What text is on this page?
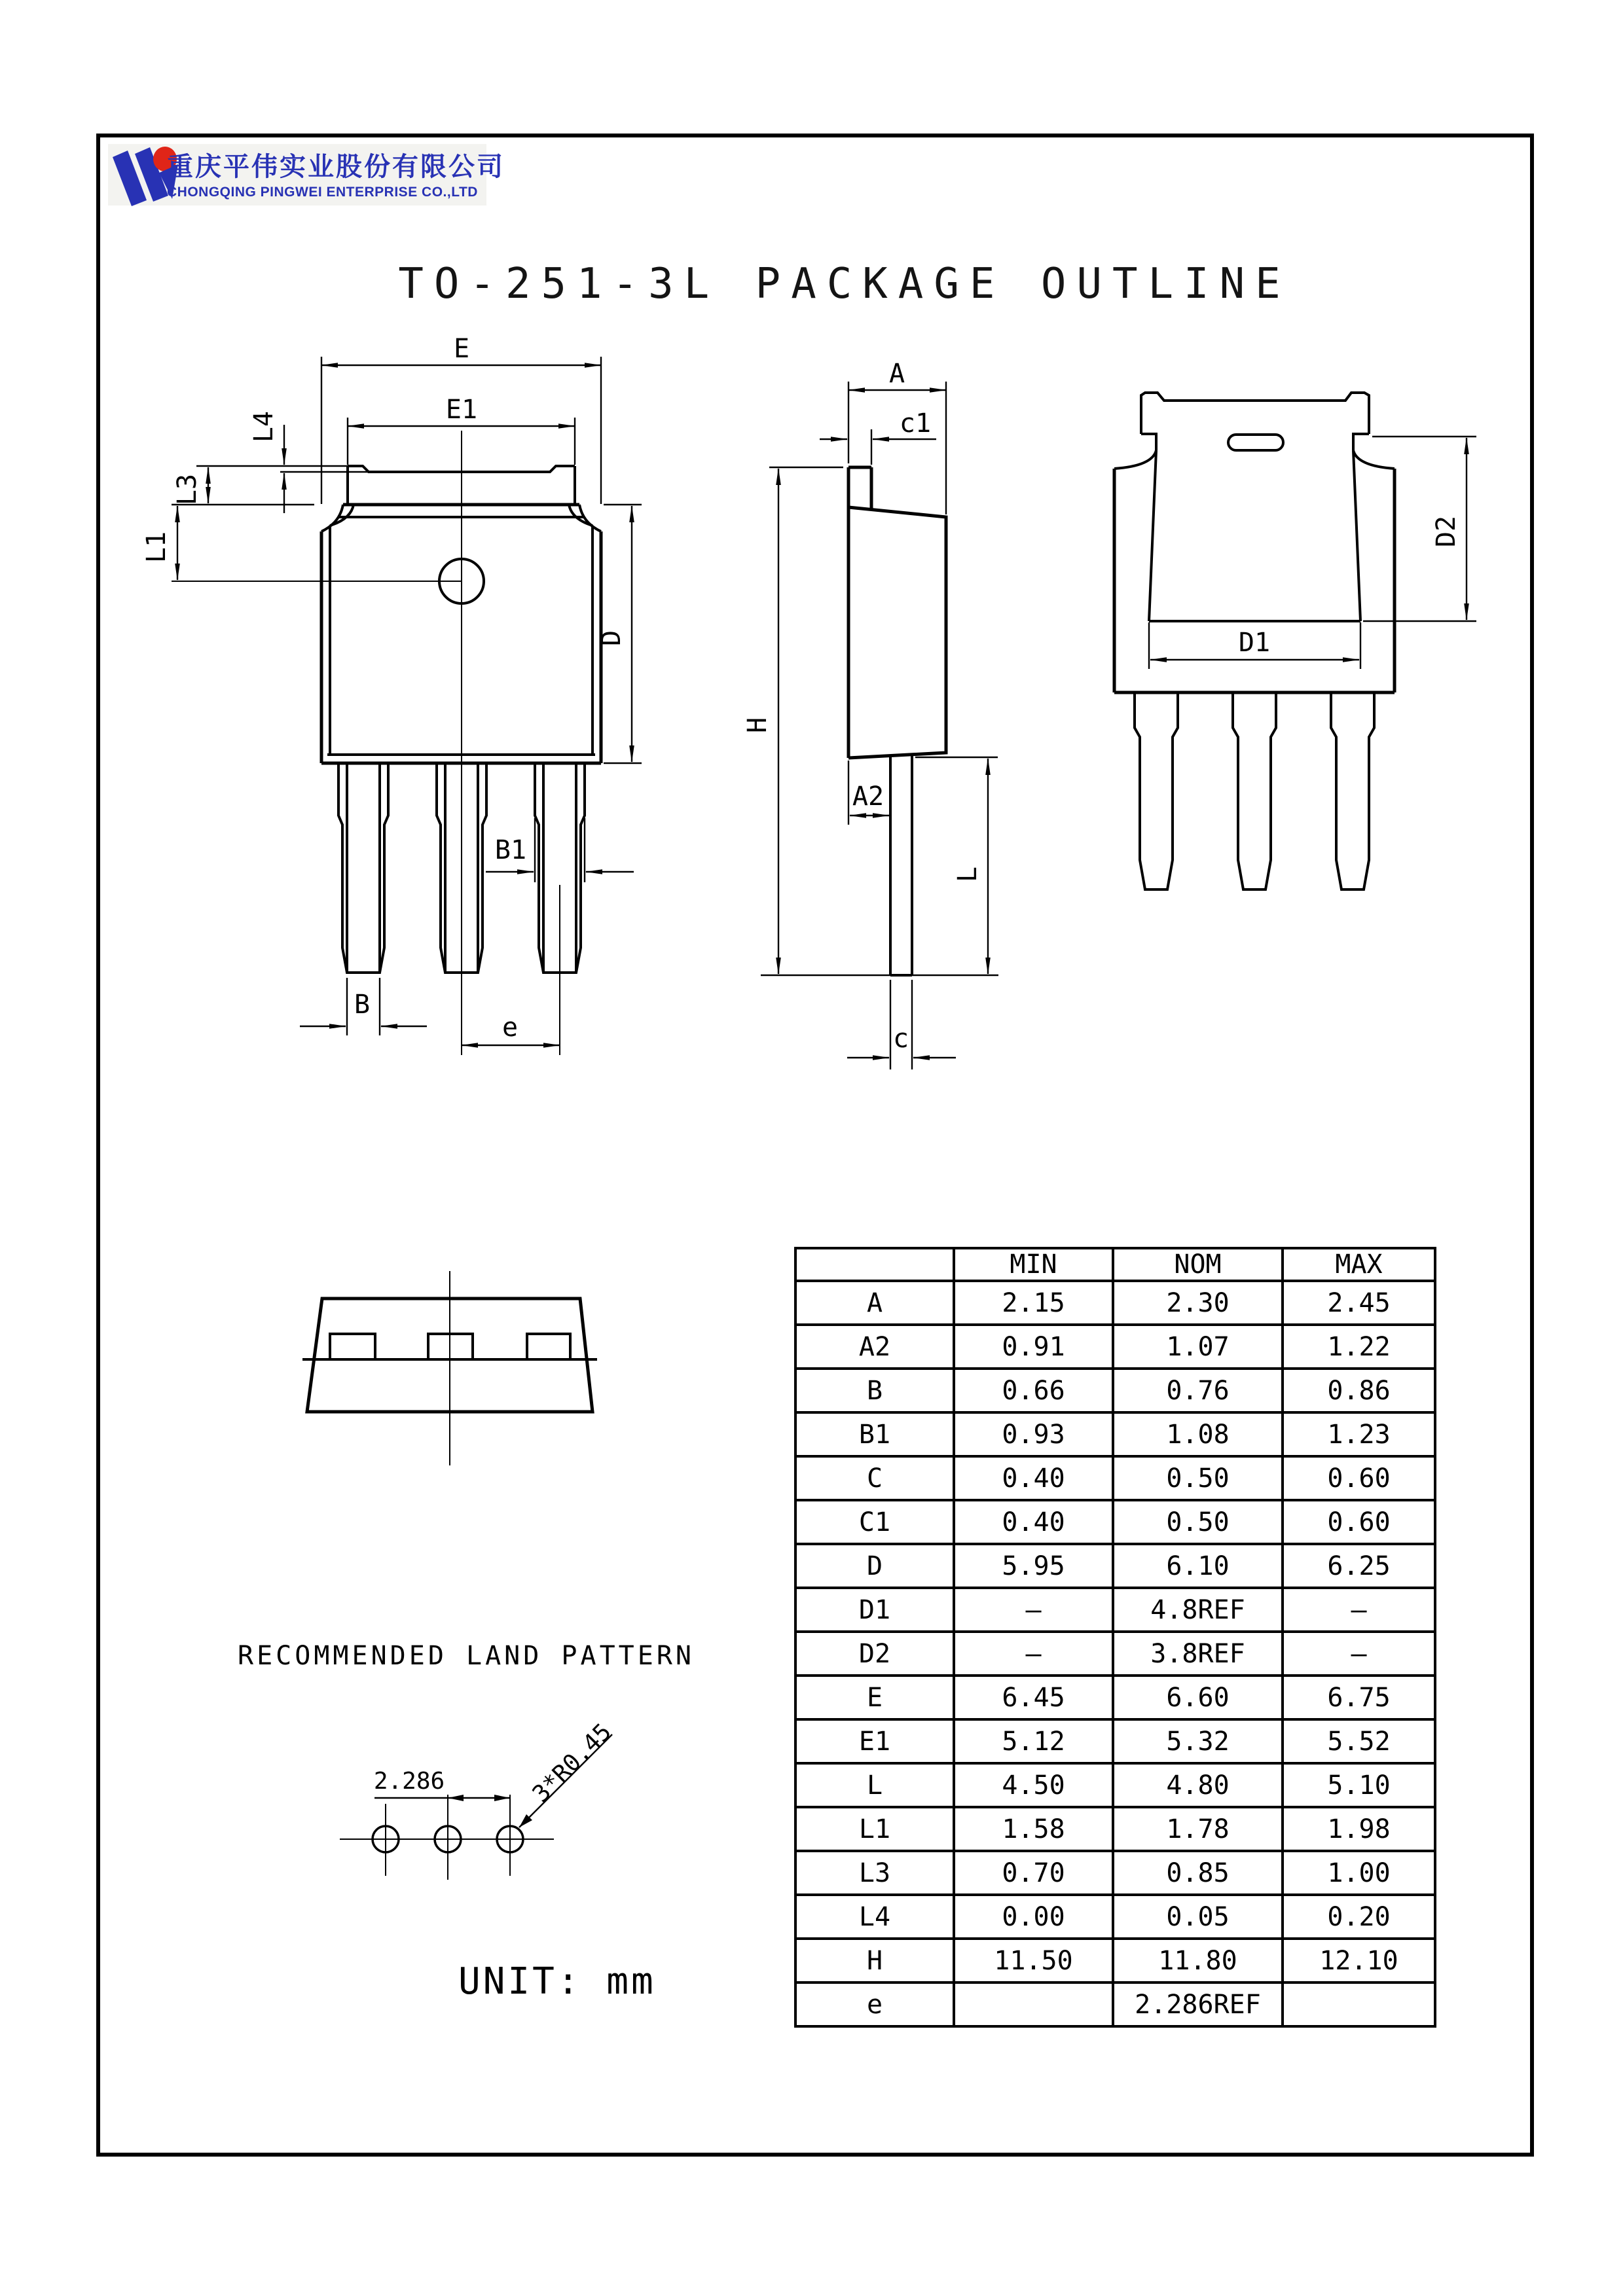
重庆平伟实业股份有限公司
CHONGQING PINGWEI ENTERPRISE CO.,LTD
TO-251-3L PACKAGE OUTLINE
E
E1
L4
L3
L1
D
B1
B
e
A
c1
H
A2
L
c
D1
D2
RECOMMENDED LAND PATTERN
2.286	3*R0.45
UNIT: mm
	MIN	NOM	MAX
A	2.15	2.30	2.45
A2	0.91	1.07	1.22
B	0.66	0.76	0.86
B1	0.93	1.08	1.23
C	0.40	0.50	0.60
C1	0.40	0.50	0.60
D	5.95	6.10	6.25
D1	–	4.8REF	–
D2	–	3.8REF	–
E	6.45	6.60	6.75
E1	5.12	5.32	5.52
L	4.50	4.80	5.10
L1	1.58	1.78	1.98
L3	0.70	0.85	1.00
L4	0.00	0.05	0.20
H	11.50	11.80	12.10
e		2.286REF	
